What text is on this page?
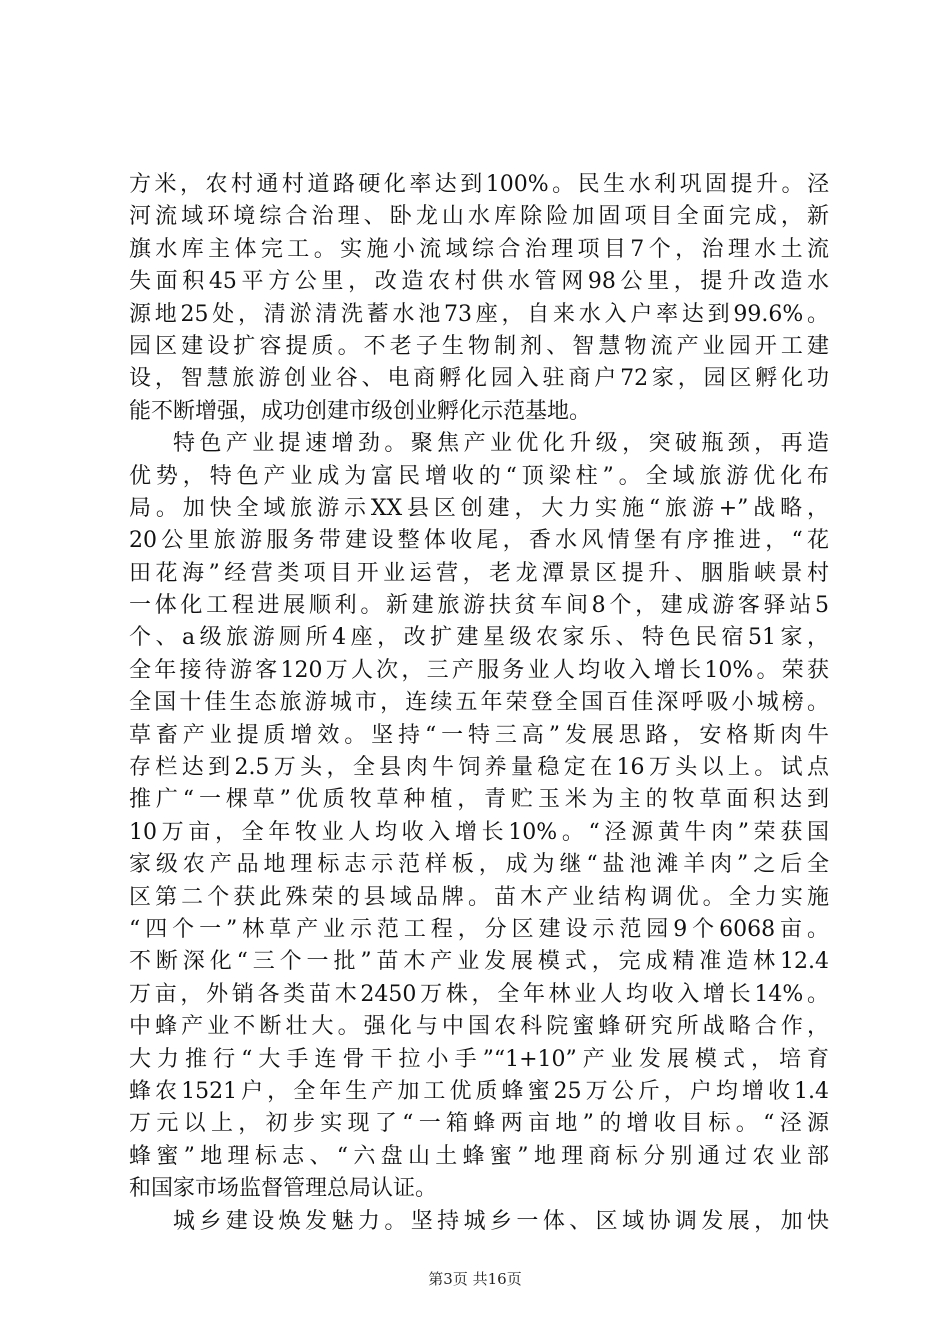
方米，农村通村道路硬化率达到100%。民生水利巩固提升。泾
河流域环境综合治理、卧龙山水库除险加固项目全面完成，新
旗水库主体完工。实施小流域综合治理项目7个，治理水土流
失面积45平方公里，改造农村供水管网98公里，提升改造水
源地25处，清淤清洗蓄水池73座，自来水入户率达到99.6%。
园区建设扩容提质。不老子生物制剂、智慧物流产业园开工建
设，智慧旅游创业谷、电商孵化园入驻商户72家，园区孵化功
能不断增强，成功创建市级创业孵化示范基地。
特色产业提速增劲。聚焦产业优化升级，突破瓶颈，再造
优势，特色产业成为富民增收的“顶梁柱”。全域旅游优化布
局。加快全域旅游示XX县区创建，大力实施“旅游+”战略，
20公里旅游服务带建设整体收尾，香水风情堡有序推进，“花
田花海”经营类项目开业运营，老龙潭景区提升、胭脂峡景村
一体化工程进展顺利。新建旅游扶贫车间8个，建成游客驿站5
个、a级旅游厕所4座，改扩建星级农家乐、特色民宿51家，
全年接待游客120万人次，三产服务业人均收入增长10%。荣获
全国十佳生态旅游城市，连续五年荣登全国百佳深呼吸小城榜。
草畜产业提质增效。坚持“一特三高”发展思路，安格斯肉牛
存栏达到2.5万头，全县肉牛饲养量稳定在16万头以上。试点
推广“一棵草”优质牧草种植，青贮玉米为主的牧草面积达到
10万亩，全年牧业人均收入增长10%。“泾源黄牛肉”荣获国
家级农产品地理标志示范样板，成为继“盐池滩羊肉”之后全
区第二个获此殊荣的县域品牌。苗木产业结构调优。全力实施
“四个一”林草产业示范工程，分区建设示范园9个6068亩。
不断深化“三个一批”苗木产业发展模式，完成精准造林12.4
万亩，外销各类苗木2450万株，全年林业人均收入增长14%。
中蜂产业不断壮大。强化与中国农科院蜜蜂研究所战略合作，
大力推行“大手连骨干拉小手”“1+10”产业发展模式，培育
蜂农1521户，全年生产加工优质蜂蜜25万公斤，户均增收1.4
万元以上，初步实现了“一箱蜂两亩地”的增收目标。“泾源
蜂蜜”地理标志、“六盘山土蜂蜜”地理商标分别通过农业部
和国家市场监督管理总局认证。
城乡建设焕发魅力。坚持城乡一体、区域协调发展，加快
第3页 共16页
